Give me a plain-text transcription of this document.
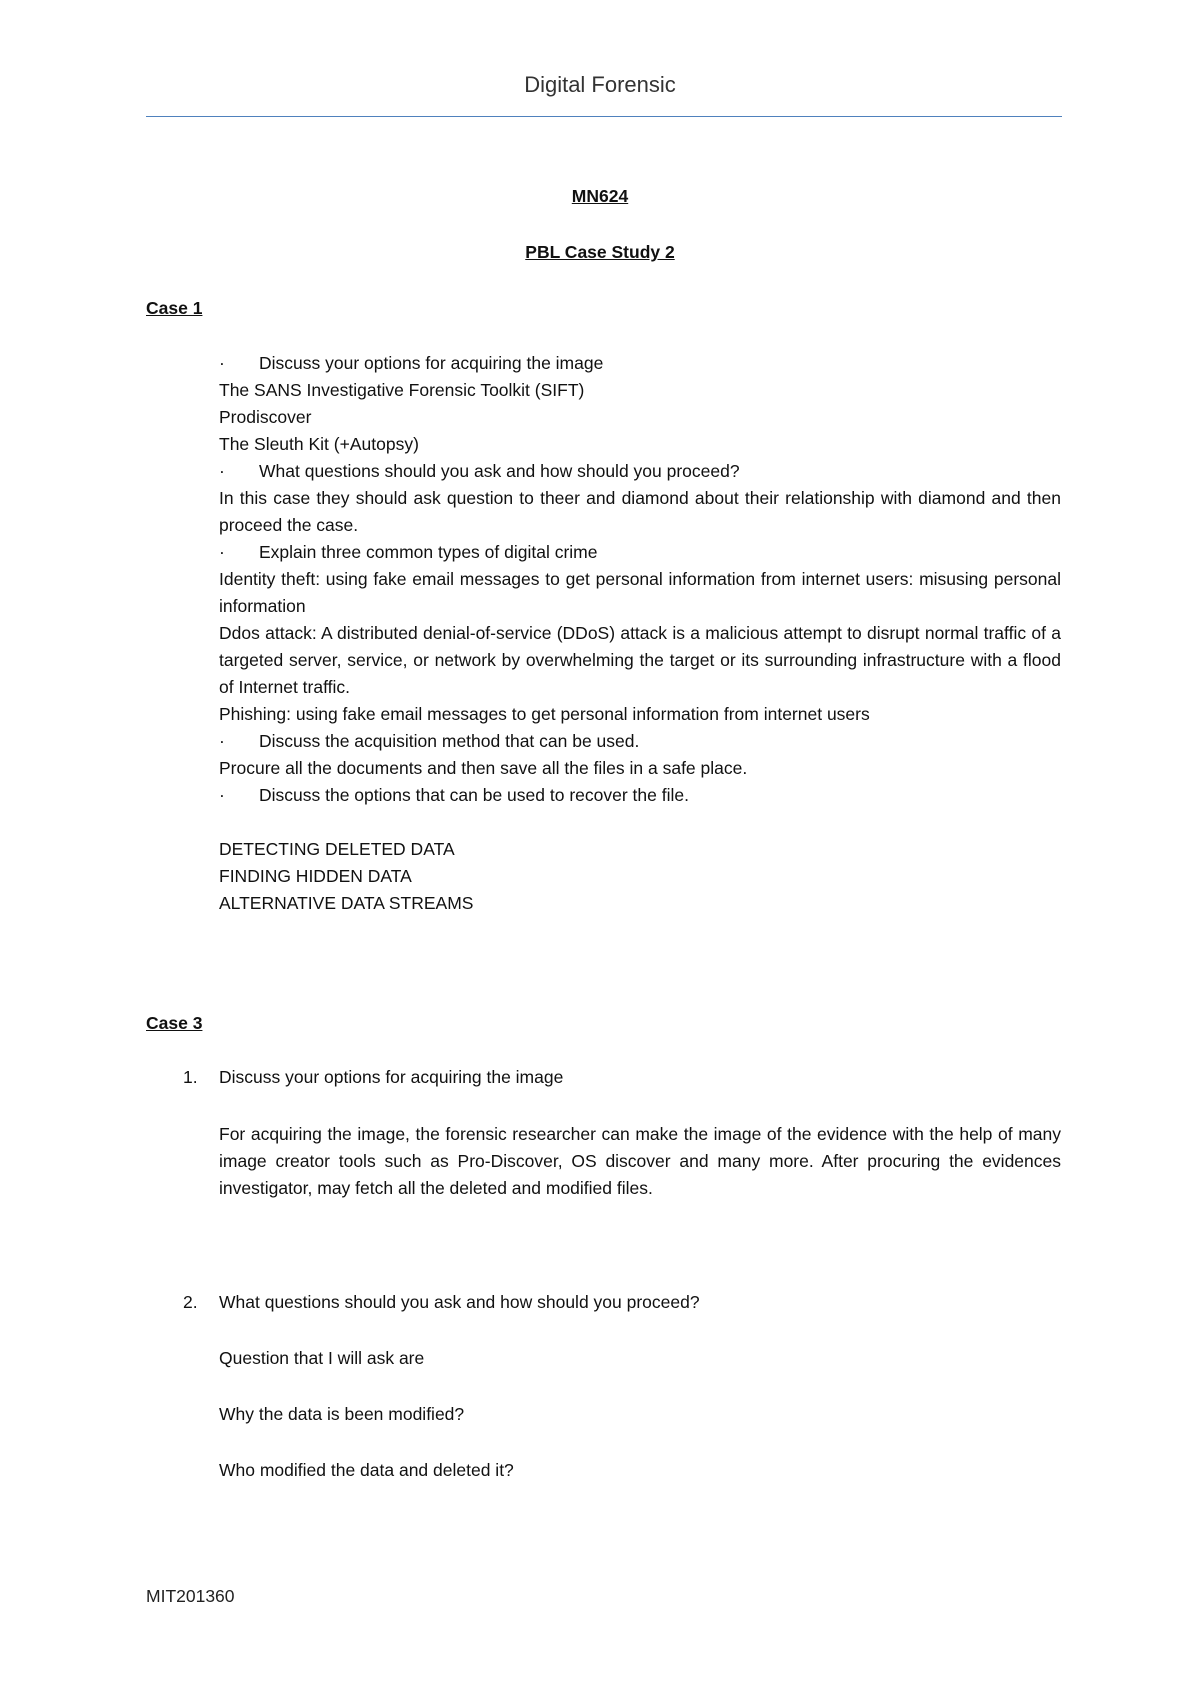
Digital Forensic
MN624
PBL Case Study 2
Case 1
· Discuss your options for acquiring the image
The SANS Investigative Forensic Toolkit (SIFT)
Prodiscover
The Sleuth Kit (+Autopsy)
· What questions should you ask and how should you proceed?

In this case they should ask question to theer and diamond about their relationship with diamond and then proceed the case.

· Explain three common types of digital crime

Identity theft: using fake email messages to get personal information from internet users: misusing personal information

Ddos attack: A distributed denial-of-service (DDoS) attack is a malicious attempt to disrupt normal traffic of a targeted server, service, or network by overwhelming the target or its surrounding infrastructure with a flood of Internet traffic.

Phishing: using fake email messages to get personal information from internet users
· Discuss the acquisition method that can be used.
Procure all the documents and then save all the files in a safe place.
· Discuss the options that can be used to recover the file.
DETECTING DELETED DATA
FINDING HIDDEN DATA
ALTERNATIVE DATA STREAMS
Case 3
1. Discuss your options for acquiring the image

For acquiring the image, the forensic researcher can make the image of the evidence with the help of many image creator tools such as Pro-Discover, OS discover and many more. After procuring the evidences investigator, may fetch all the deleted and modified files.

2. What questions should you ask and how should you proceed?
Question that I will ask are
Why the data is been modified?
Who modified the data and deleted it?
MIT201360
